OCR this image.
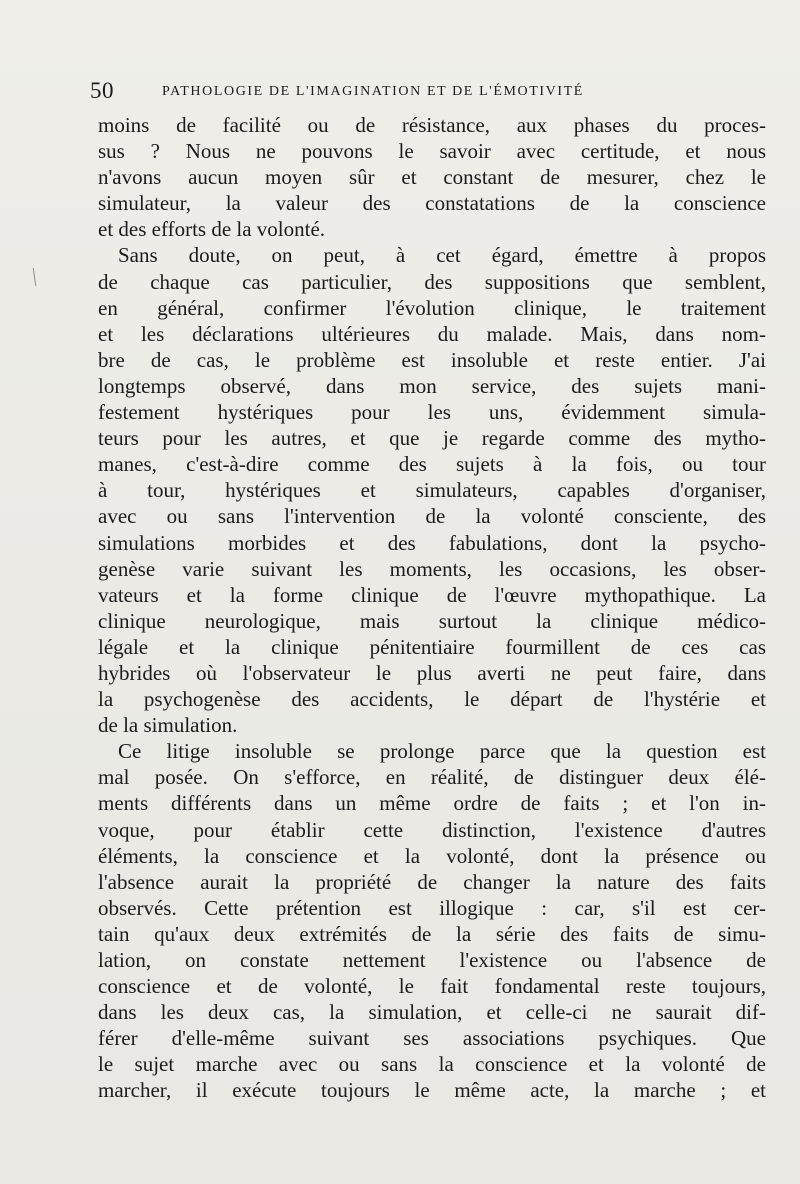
50	PATHOLOGIE DE L'IMAGINATION ET DE L'ÉMOTIVITÉ
moins de facilité ou de résistance, aux phases du proces-
sus ? Nous ne pouvons le savoir avec certitude, et nous
n'avons aucun moyen sûr et constant de mesurer, chez le
simulateur, la valeur des constatations de la conscience
et des efforts de la volonté.
Sans doute, on peut, à cet égard, émettre à propos
de chaque cas particulier, des suppositions que semblent,
en général, confirmer l'évolution clinique, le traitement
et les déclarations ultérieures du malade. Mais, dans nom-
bre de cas, le problème est insoluble et reste entier. J'ai
longtemps observé, dans mon service, des sujets mani-
festement hystériques pour les uns, évidemment simula-
teurs pour les autres, et que je regarde comme des mytho-
manes, c'est-à-dire comme des sujets à la fois, ou tour
à tour, hystériques et simulateurs, capables d'organiser,
avec ou sans l'intervention de la volonté consciente, des
simulations morbides et des fabulations, dont la psycho-
genèse varie suivant les moments, les occasions, les obser-
vateurs et la forme clinique de l'œuvre mythopathique. La
clinique neurologique, mais surtout la clinique médico-
légale et la clinique pénitentiaire fourmillent de ces cas
hybrides où l'observateur le plus averti ne peut faire, dans
la psychogenèse des accidents, le départ de l'hystérie et
de la simulation.
Ce litige insoluble se prolonge parce que la question est
mal posée. On s'efforce, en réalité, de distinguer deux élé-
ments différents dans un même ordre de faits ; et l'on in-
voque, pour établir cette distinction, l'existence d'autres
éléments, la conscience et la volonté, dont la présence ou
l'absence aurait la propriété de changer la nature des faits
observés. Cette prétention est illogique : car, s'il est cer-
tain qu'aux deux extrémités de la série des faits de simu-
lation, on constate nettement l'existence ou l'absence de
conscience et de volonté, le fait fondamental reste toujours,
dans les deux cas, la simulation, et celle-ci ne saurait dif-
férer d'elle-même suivant ses associations psychiques. Que
le sujet marche avec ou sans la conscience et la volonté de
marcher, il exécute toujours le même acte, la marche ; et
